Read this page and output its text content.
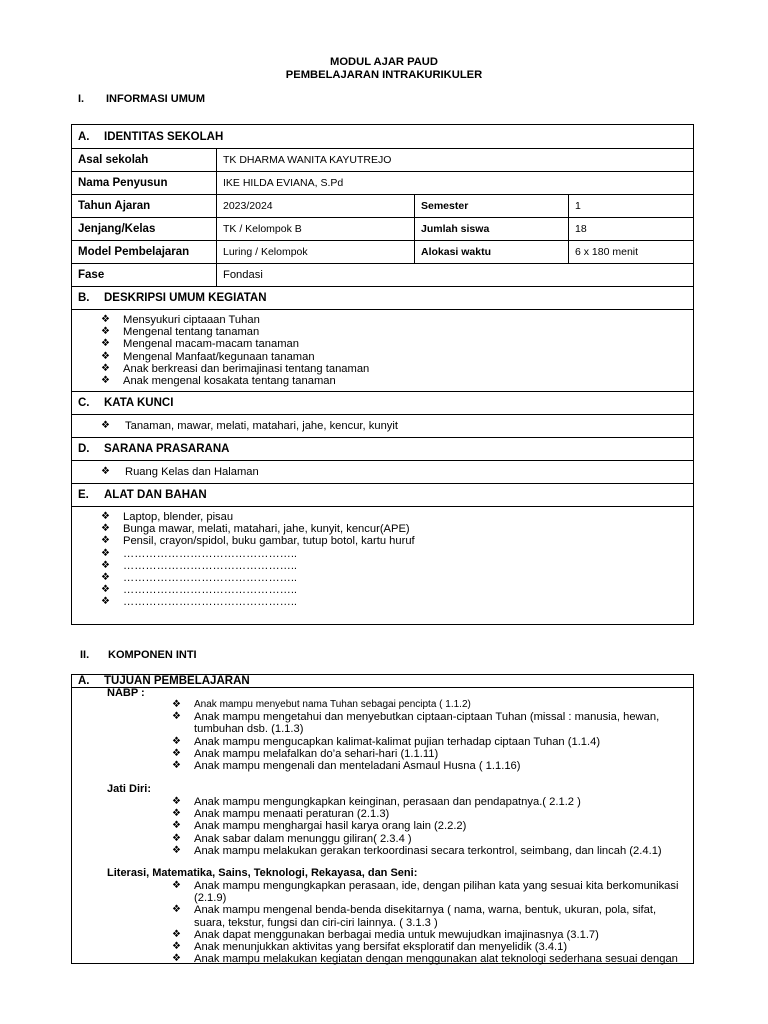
MODUL AJAR PAUD
PEMBELAJARAN INTRAKURIKULER
I. INFORMASI UMUM
A.	IDENTITAS SEKOLAH
Asal sekolah	TK DHARMA WANITA KAYUTREJO
Nama Penyusun	IKE HILDA EVIANA, S.Pd
Tahun Ajaran	2023/2024	Semester	1
Jenjang/Kelas	TK / Kelompok B	Jumlah siswa	18
Model Pembelajaran	Luring / Kelompok	Alokasi waktu	6 x 180 menit
Fase	Fondasi
B.	DESKRIPSI UMUM KEGIATAN
❖ Mensyukuri ciptaaan Tuhan
❖ Mengenal tentang tanaman
❖ Mengenal macam-macam tanaman
❖ Mengenal Manfaat/kegunaan tanaman
❖ Anak berkreasi dan berimajinasi tentang tanaman
❖ Anak mengenal kosakata tentang tanaman
C.	KATA KUNCI
❖ Tanaman, mawar, melati, matahari, jahe, kencur, kunyit
D.	SARANA PRASARANA
❖ Ruang Kelas dan Halaman
E.	ALAT DAN BAHAN
❖ Laptop, blender, pisau
❖ Bunga mawar, melati, matahari, jahe, kunyit, kencur(APE)
❖ Pensil, crayon/spidol, buku gambar, tutup botol, kartu huruf
❖ ………………………………………..
❖ ………………………………………..
❖ ………………………………………..
❖ ………………………………………..
❖ ………………………………………..
II. KOMPONEN INTI
A.	TUJUAN PEMBELAJARAN
NABP :
❖ Anak mampu menyebut nama Tuhan sebagai pencipta ( 1.1.2)
❖ Anak mampu mengetahui dan menyebutkan ciptaan-ciptaan Tuhan (missal : manusia, hewan, tumbuhan dsb. (1.1.3)
❖ Anak mampu mengucapkan kalimat-kalimat pujian terhadap ciptaan Tuhan (1.1.4)
❖ Anak mampu melafalkan do’a sehari-hari (1.1.11)
❖ Anak mampu mengenali dan menteladani Asmaul Husna ( 1.1.16)
Jati Diri:
❖ Anak mampu mengungkapkan keinginan, perasaan dan pendapatnya.( 2.1.2 )
❖ Anak mampu menaati peraturan (2.1.3)
❖ Anak mampu menghargai hasil karya orang lain (2.2.2)
❖ Anak sabar dalam menunggu giliran( 2.3.4 )
❖ Anak mampu melakukan gerakan terkoordinasi secara terkontrol, seimbang, dan lincah (2.4.1)
Literasi, Matematika, Sains, Teknologi, Rekayasa, dan Seni:
❖ Anak mampu mengungkapkan perasaan, ide, dengan pilihan kata yang sesuai kita berkomunikasi (2.1.9)
❖ Anak mampu mengenal benda-benda disekitarnya ( nama, warna, bentuk, ukuran, pola, sifat, suara, tekstur, fungsi dan ciri-ciri lainnya. ( 3.1.3 )
❖ Anak dapat menggunakan berbagai media untuk mewujudkan imajinasnya (3.1.7)
❖ Anak menunjukkan aktivitas yang bersifat eksploratif dan menyelidik (3.4.1)
❖ Anak mampu melakukan kegiatan dengan menggunakan alat teknologi sederhana sesuai dengan
